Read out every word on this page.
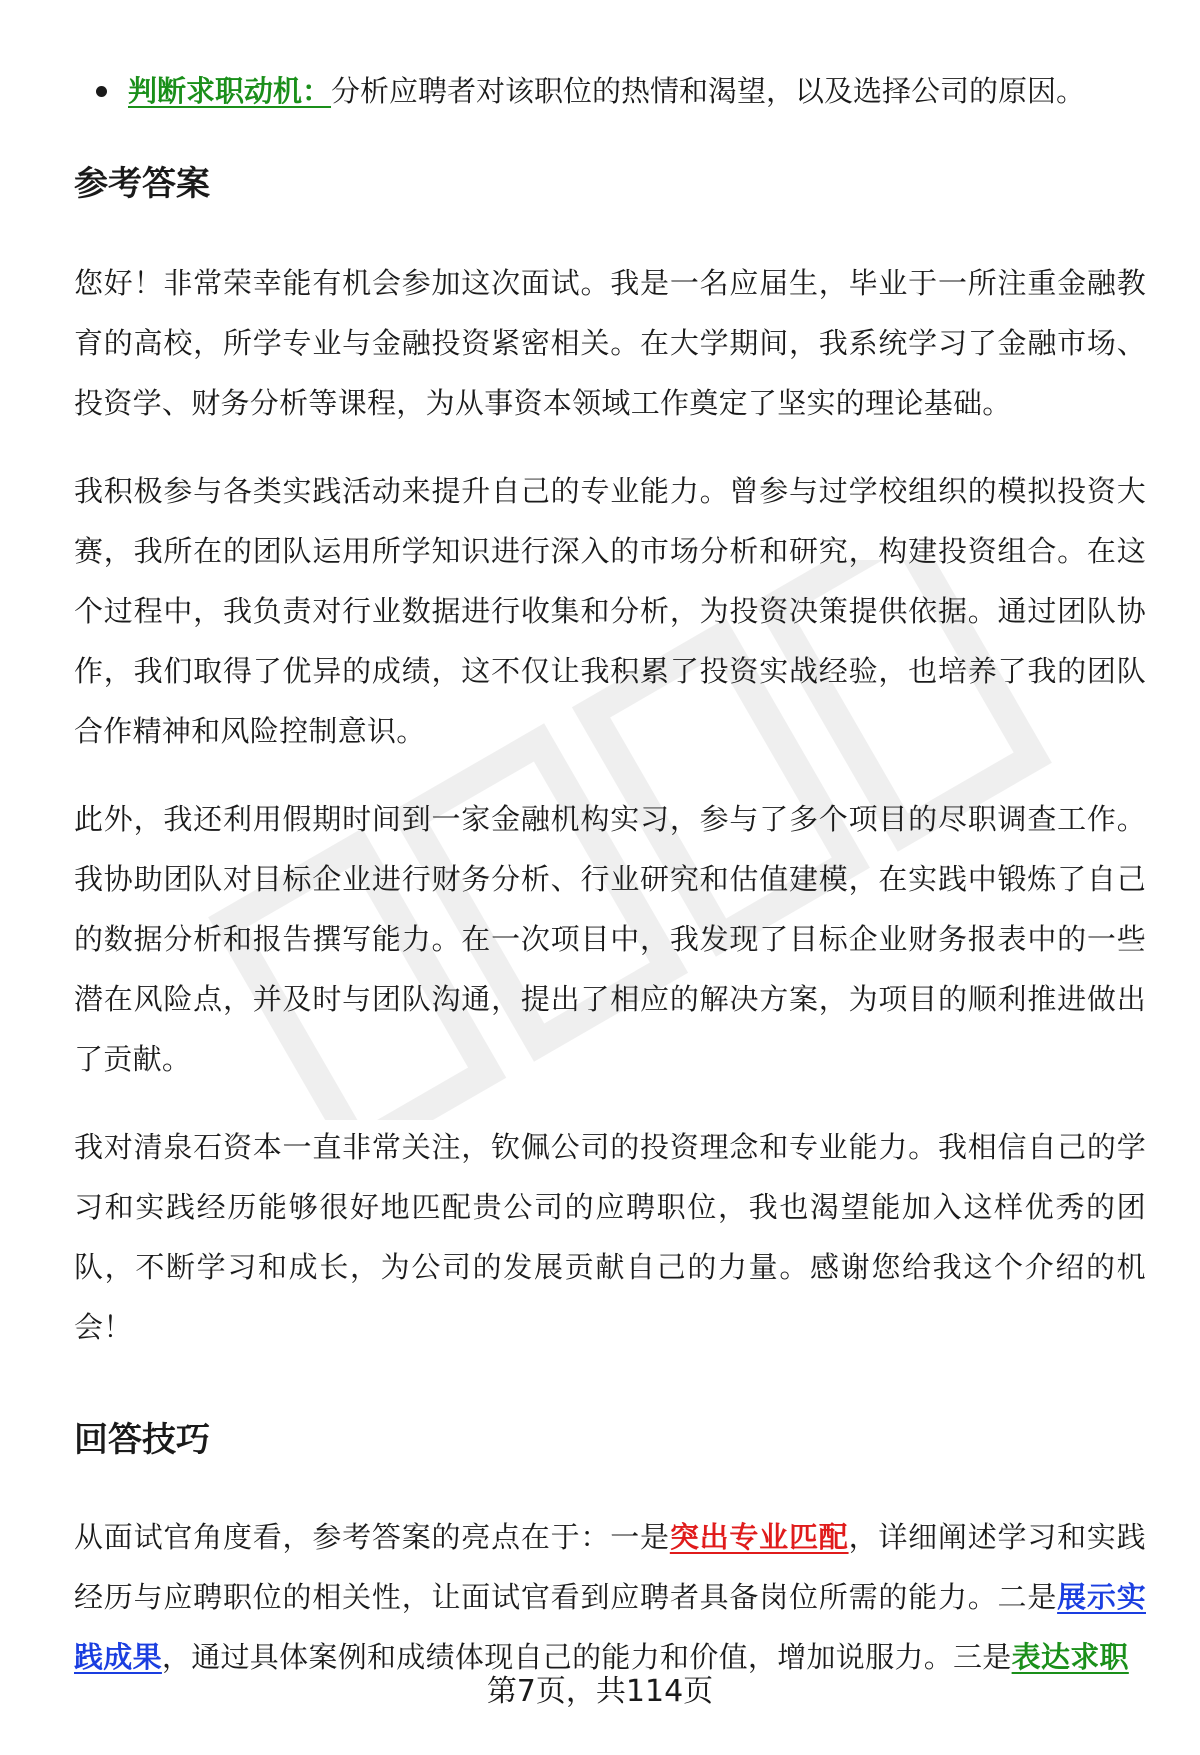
判断求职动机：分析应聘者对该职位的热情和渴望，以及选择公司的原因。
参考答案

您好！非常荣幸能有机会参加这次面试。我是一名应届生，毕业于一所注重金融教育的高校，所学专业与金融投资紧密相关。在大学期间，我系统学习了金融市场、投资学、财务分析等课程，为从事资本领域工作奠定了坚实的理论基础。

我积极参与各类实践活动来提升自己的专业能力。曾参与过学校组织的模拟投资大赛，我所在的团队运用所学知识进行深入的市场分析和研究，构建投资组合。在这个过程中，我负责对行业数据进行收集和分析，为投资决策提供依据。通过团队协作，我们取得了优异的成绩，这不仅让我积累了投资实战经验，也培养了我的团队合作精神和风险控制意识。

此外，我还利用假期时间到一家金融机构实习，参与了多个项目的尽职调查工作。我协助团队对目标企业进行财务分析、行业研究和估值建模，在实践中锻炼了自己的数据分析和报告撰写能力。在一次项目中，我发现了目标企业财务报表中的一些潜在风险点，并及时与团队沟通，提出了相应的解决方案，为项目的顺利推进做出了贡献。

我对清泉石资本一直非常关注，钦佩公司的投资理念和专业能力。我相信自己的学习和实践经历能够很好地匹配贵公司的应聘职位，我也渴望能加入这样优秀的团队，不断学习和成长，为公司的发展贡献自己的力量。感谢您给我这个介绍的机会！

回答技巧

从面试官角度看，参考答案的亮点在于：一是突出专业匹配，详细阐述学习和实践经历与应聘职位的相关性，让面试官看到应聘者具备岗位所需的能力。二是展示实践成果，通过具体案例和成绩体现自己的能力和价值，增加说服力。三是表达求职

第7页，共114页
